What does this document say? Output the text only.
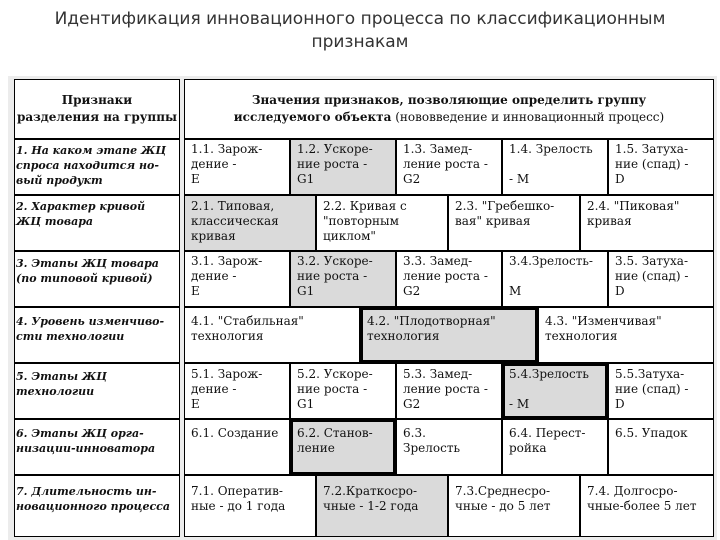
Идентификация инновационного процесса по классификационным
признакам
Признаки
разделения на группы
Значения признаков, позволяющие определить группу
исследуемого объекта (нововведение и инновационный процесс)
1. На каком этапе ЖЦ
спроса находится но-
вый продукт
1.1. Зарож-
дение -
Е
1.2. Ускоре-
ние роста -
G1
1.3. Замед-
ление роста -
G2
1.4. Зрелость

- М
1.5. Затуха-
ние (спад) -
D
2. Характер кривой
ЖЦ товара
2.1. Типовая,
классическая
кривая
2.2. Кривая с
"повторным
циклом"
2.3. "Гребешко-
вая" кривая
2.4. "Пиковая"
кривая
3. Этапы ЖЦ товара
(по типовой кривой)
3.1. Зарож-
дение -
Е
3.2. Ускоре-
ние роста -
G1
3.3. Замед-
ление роста -
G2
3.4.Зрелость-

М
3.5. Затуха-
ние (спад) -
D
4. Уровень изменчиво-
сти технологии
4.1. "Стабильная"
технология
4.2. "Плодотворная"
технология
4.3. "Изменчивая"
технология
5. Этапы ЖЦ
технологии
5.1. Зарож-
дение -
Е
5.2. Ускоре-
ние роста -
G1
5.3. Замед-
ление роста -
G2
5.4.Зрелость

- М
5.5.Затуха-
ние (спад) -
D
6. Этапы ЖЦ орга-
низации-инноватора
6.1. Создание 6.2. Станов-
ление
6.3.
Зрелость
6.4. Перест-
ройка
6.5. Упадок
7. Длительность ин-
новационного процесса
7.1. Оператив-
ные - до 1 года
7.2.Краткосро-
чные - 1-2 года
7.3.Среднесро-
чные - до 5 лет
7.4. Долгосро-
чные-более 5 лет
